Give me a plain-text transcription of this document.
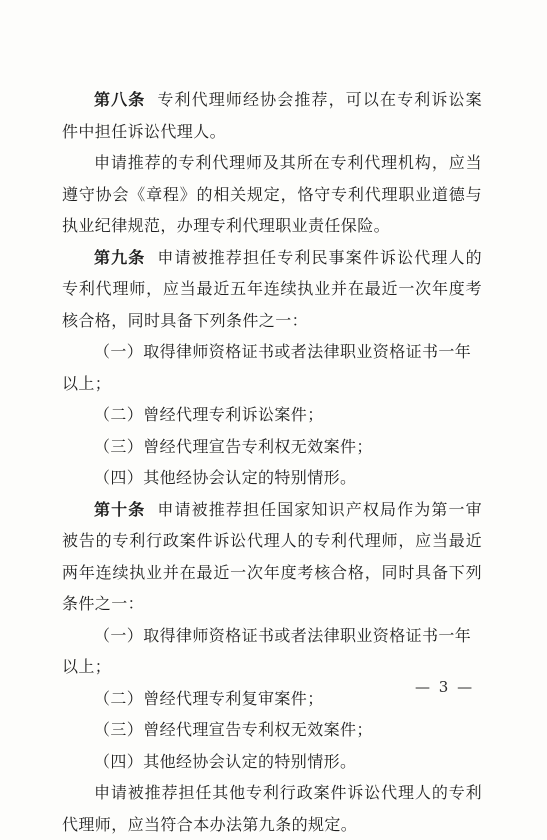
第八条 专利代理师经协会推荐，可以在专利诉讼案件中担任诉讼代理人。

申请推荐的专利代理师及其所在专利代理机构，应当遵守协会《章程》的相关规定，恪守专利代理职业道德与执业纪律规范，办理专利代理职业责任保险。

第九条 申请被推荐担任专利民事案件诉讼代理人的专利代理师，应当最近五年连续执业并在最近一次年度考核合格，同时具备下列条件之一：

（一）取得律师资格证书或者法律职业资格证书一年以上；

（二）曾经代理专利诉讼案件；

（三）曾经代理宣告专利权无效案件；

（四）其他经协会认定的特别情形。

第十条 申请被推荐担任国家知识产权局作为第一审被告的专利行政案件诉讼代理人的专利代理师，应当最近两年连续执业并在最近一次年度考核合格，同时具备下列条件之一：

（一）取得律师资格证书或者法律职业资格证书一年以上；

（二）曾经代理专利复审案件；

（三）曾经代理宣告专利权无效案件；

（四）其他经协会认定的特别情形。

申请被推荐担任其他专利行政案件诉讼代理人的专利代理师，应当符合本办法第九条的规定。

— 3 —
